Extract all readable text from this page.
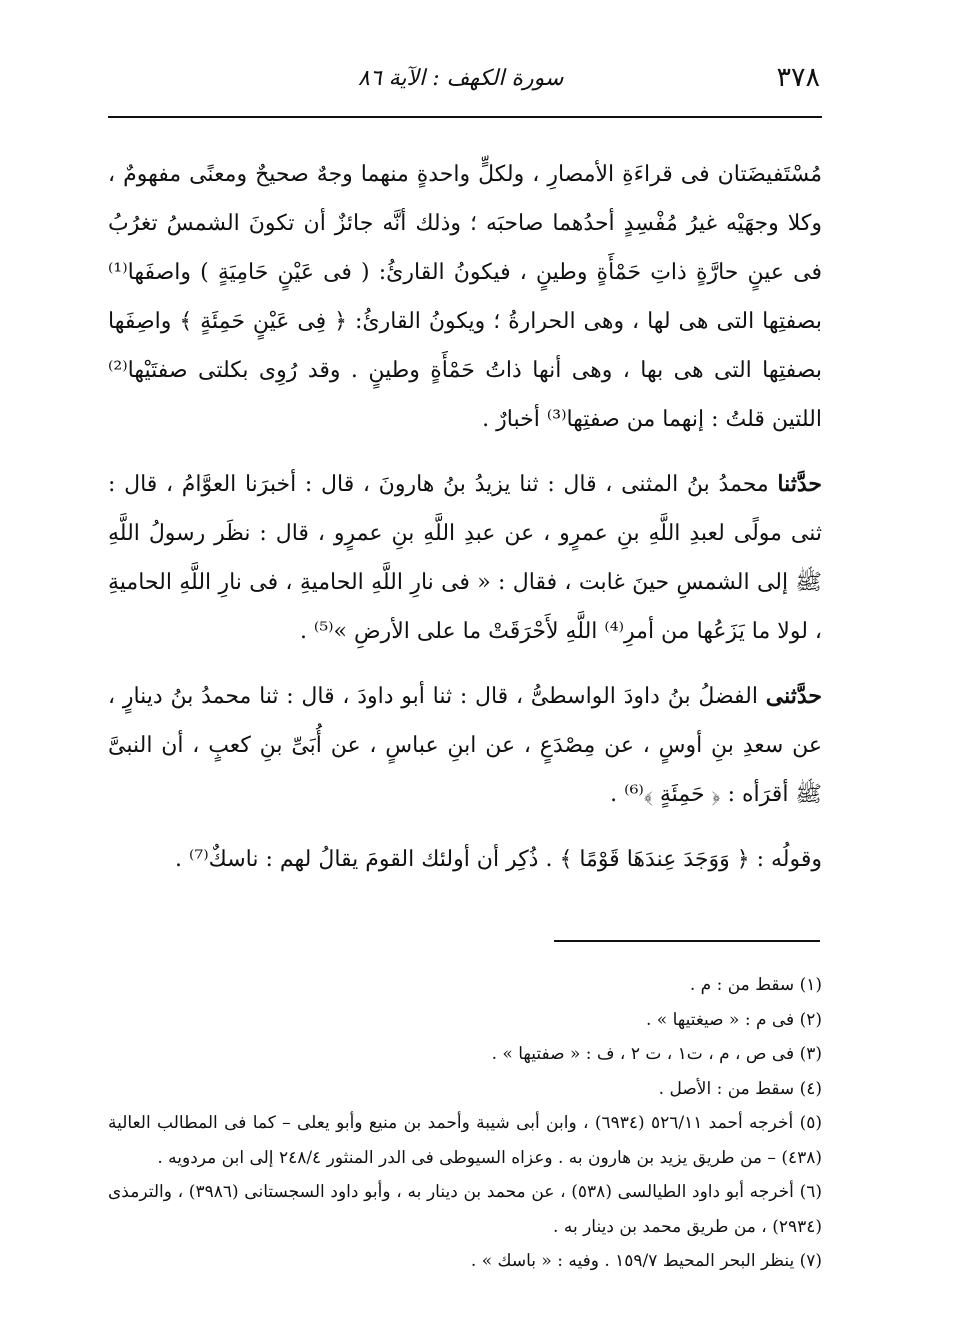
٣٧٨
سورة الكهف : الآية ٨٦

مُسْتَفيضَتان فى قراءَةِ الأمصارِ ، ولكلٍّ واحدةٍ منهما وجهٌ صحيحٌ ومعنًى مفهومٌ ، وكلا وجهَيْه غيرُ مُفْسِدٍ أحدُهما صاحبَه ؛ وذلك أنَّه جائزٌ أن تكونَ الشمسُ تغرُبُ فى عينٍ حارَّةٍ ذاتِ حَمْأَةٍ وطينٍ ، فيكونُ القارئُ: ( فى عَيْنٍ حَامِيَةٍ ) واصفَها⁽¹⁾ بصفتِها التى هى لها ، وهى الحرارةُ ؛ ويكونُ القارئُ: ﴿ فِى عَيْنٍ حَمِئَةٍ ﴾ واصِفَها بصفتِها التى هى بها ، وهى أنها ذاتُ حَمْأَةٍ وطينٍ . وقد رُوِى بكلتى صفتَيْها⁽²⁾ اللتين قلتُ : إنهما من صفتِها⁽³⁾ أخبارٌ .

حدَّثنا محمدُ بنُ المثنى ، قال : ثنا يزيدُ بنُ هارونَ ، قال : أخبرَنا العوَّامُ ، قال : ثنى مولًى لعبدِ اللَّهِ بنِ عمرٍو ، عن عبدِ اللَّهِ بنِ عمرٍو ، قال : نظَر رسولُ اللَّهِ ﷺ إلى الشمسِ حينَ غابت ، فقال : « فى نارِ اللَّهِ الحاميةِ ، فى نارِ اللَّهِ الحاميةِ ، لولا ما يَزَعُها من أمرِ⁽⁴⁾ اللَّهِ لأَحْرَقَتْ ما على الأرضِ »⁽⁵⁾ .

حدَّثنى الفضلُ بنُ داودَ الواسطىُّ ، قال : ثنا أبو داودَ ، قال : ثنا محمدُ بنُ دينارٍ ، عن سعدِ بنِ أوسٍ ، عن مِصْدَعٍ ، عن ابنِ عباسٍ ، عن أُبَىِّ بنِ كعبٍ ، أن النبىَّ ﷺ أقرَأه : ﴿ حَمِئَةٍ ﴾⁽⁶⁾ .

وقولُه : ﴿ وَوَجَدَ عِندَهَا قَوْمًا ﴾ . ذُكِر أن أولئك القومَ يقالُ لهم : ناسكٌ⁽⁷⁾ .

(١) سقط من : م .

(٢) فى م : « صيغتيها » .

(٣) فى ص ، م ، ت١ ، ت ٢ ، ف : « صفتيها » .

(٤) سقط من : الأصل .

(٥) أخرجه أحمد ٥٢٦/١١ (٦٩٣٤) ، وابن أبى شيبة وأحمد بن منيع وأبو يعلى – كما فى المطالب العالية (٤٣٨) – من طريق يزيد بن هارون به . وعزاه السيوطى فى الدر المنثور ٢٤٨/٤ إلى ابن مردويه .

(٦) أخرجه أبو داود الطيالسى (٥٣٨) ، عن محمد بن دينار به ، وأبو داود السجستانى (٣٩٨٦) ، والترمذى (٢٩٣٤) ، من طريق محمد بن دينار به .

(٧) ينظر البحر المحيط ١٥٩/٧ . وفيه : « باسك » .
